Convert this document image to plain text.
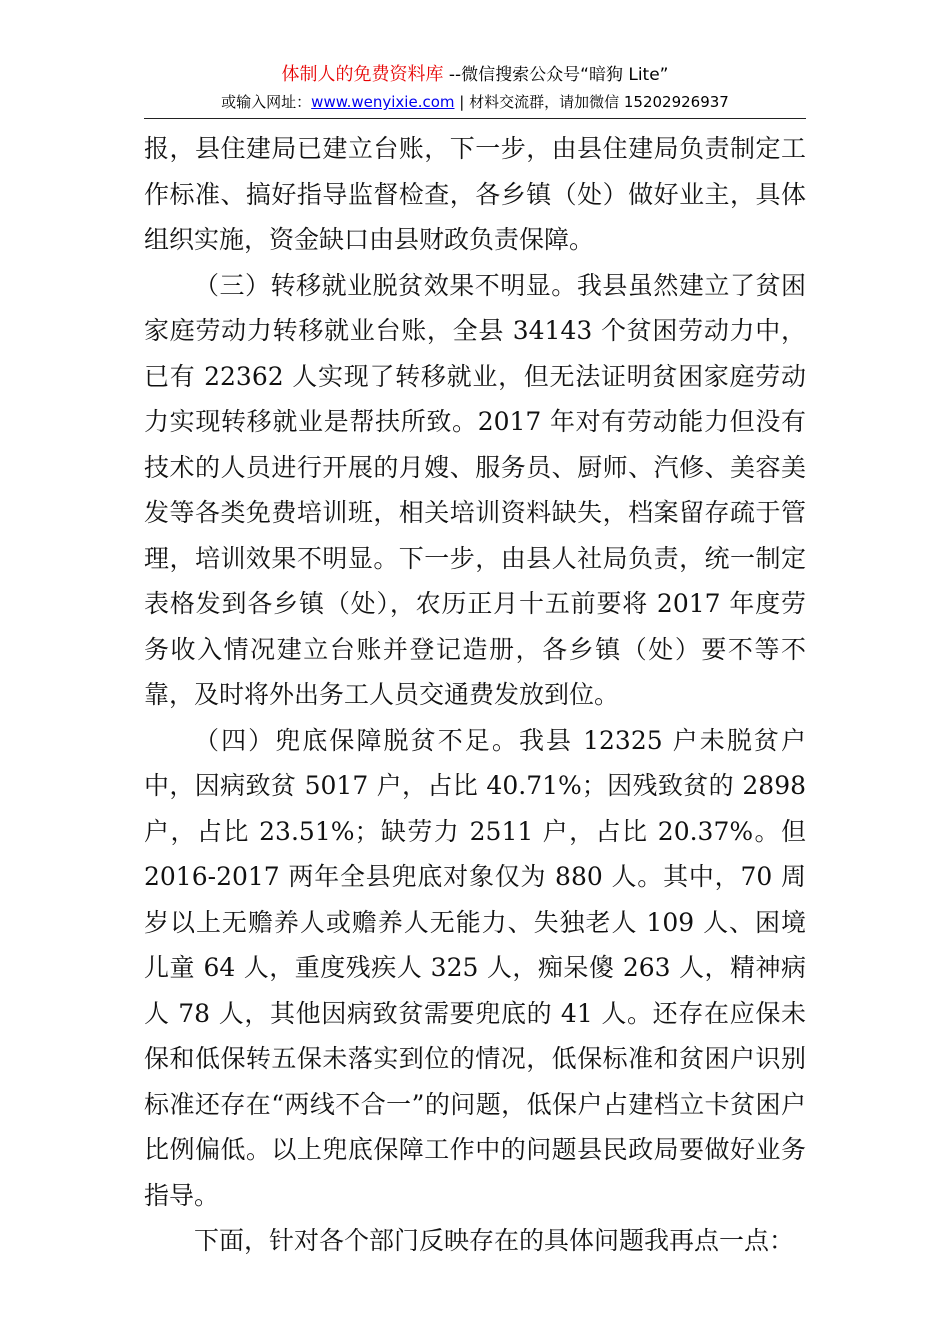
体制人的免费资料库 --微信搜索公众号“暗狗 Lite”
或输入网址：www.wenyixie.com | 材料交流群，请加微信 15202926937

报，县住建局已建立台账，下一步，由县住建局负责制定工作标准、搞好指导监督检查，各乡镇（处）做好业主，具体组织实施，资金缺口由县财政负责保障。

（三）转移就业脱贫效果不明显。我县虽然建立了贫困家庭劳动力转移就业台账，全县 34143 个贫困劳动力中，已有 22362 人实现了转移就业，但无法证明贫困家庭劳动力实现转移就业是帮扶所致。2017 年对有劳动能力但没有技术的人员进行开展的月嫂、服务员、厨师、汽修、美容美发等各类免费培训班，相关培训资料缺失，档案留存疏于管理，培训效果不明显。下一步，由县人社局负责，统一制定表格发到各乡镇（处），农历正月十五前要将 2017 年度劳务收入情况建立台账并登记造册，各乡镇（处）要不等不靠，及时将外出务工人员交通费发放到位。

（四）兜底保障脱贫不足。我县 12325 户未脱贫户中，因病致贫 5017 户，占比 40.71%；因残致贫的 2898 户，占比 23.51%；缺劳力 2511 户，占比 20.37%。但 2016-2017 两年全县兜底对象仅为 880 人。其中，70 周岁以上无赡养人或赡养人无能力、失独老人 109 人、困境儿童 64 人，重度残疾人 325 人，痴呆傻 263 人，精神病人 78 人，其他因病致贫需要兜底的 41 人。还存在应保未保和低保转五保未落实到位的情况，低保标准和贫困户识别标准还存在“两线不合一”的问题，低保户占建档立卡贫困户比例偏低。以上兜底保障工作中的问题县民政局要做好业务指导。

下面，针对各个部门反映存在的具体问题我再点一点：
